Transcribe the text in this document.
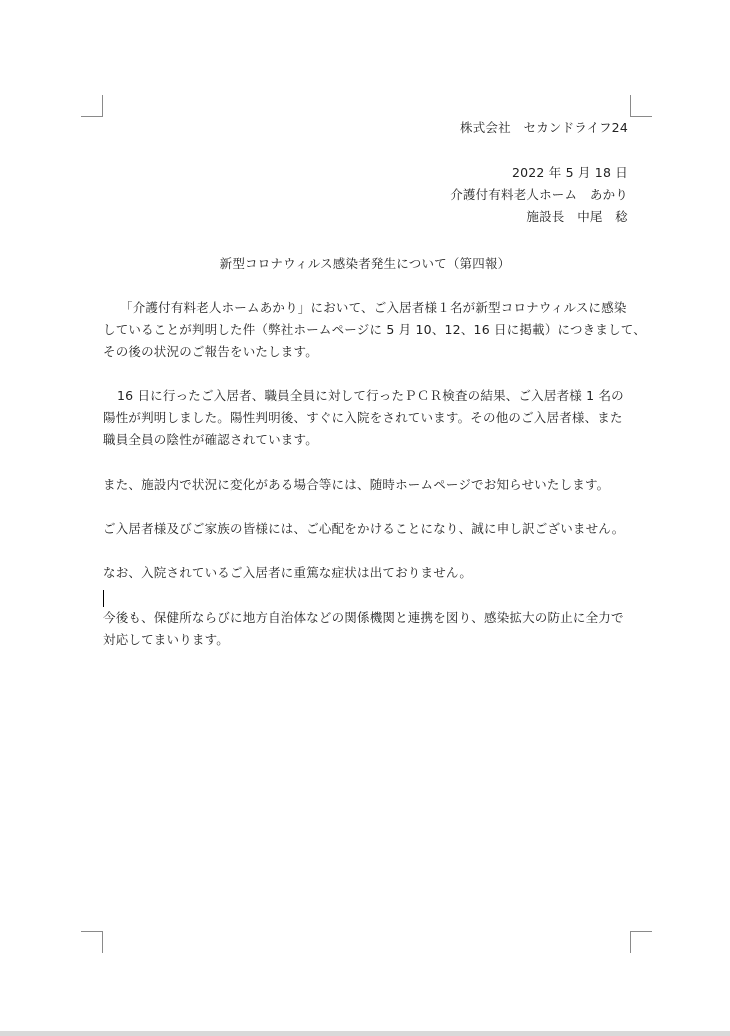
株式会社　セカンドライフ24
2022 年 5 月 18 日
介護付有料老人ホーム　あかり
施設長　中尾　稔
新型コロナウィルス感染者発生について（第四報）
「介護付有料老人ホームあかり」において、ご入居者様１名が新型コロナウィルスに感染
していることが判明した件（弊社ホームページに 5 月 10、12、16 日に掲載）につきまして、
その後の状況のご報告をいたします。
16 日に行ったご入居者、職員全員に対して行ったＰＣＲ検査の結果、ご入居者様 1 名の
陽性が判明しました。陽性判明後、すぐに入院をされています。その他のご入居者様、また
職員全員の陰性が確認されています。
また、施設内で状況に変化がある場合等には、随時ホームページでお知らせいたします。
ご入居者様及びご家族の皆様には、ご心配をかけることになり、誠に申し訳ございません。
なお、入院されているご入居者に重篤な症状は出ておりません。
今後も、保健所ならびに地方自治体などの関係機関と連携を図り、感染拡大の防止に全力で
対応してまいります。
